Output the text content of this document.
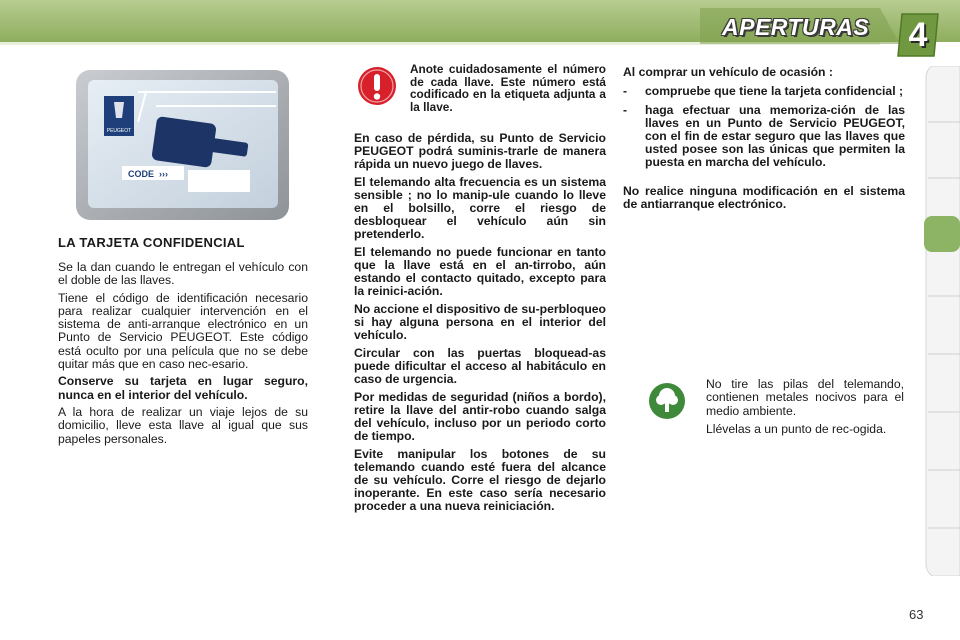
APERTURAS	4
PEUGEOT
CODE ›››
LA TARJETA CONFIDENCIAL

Se la dan cuando le entregan el vehículo con el doble de las llaves.

Tiene el código de identificación necesario para realizar cualquier intervención en el sistema de anti-arranque electrónico en un Punto de Servicio PEUGEOT. Este código está oculto por una película que no se debe quitar más que en caso nec-esario.

Conserve su tarjeta en lugar seguro, nunca en el interior del vehículo.

A la hora de realizar un viaje lejos de su domicilio, lleve esta llave al igual que sus papeles personales.

Anote cuidadosamente el número de cada llave. Este número está codificado en la etiqueta adjunta a la llave.

En caso de pérdida, su Punto de Servicio PEUGEOT podrá suminis-trarle de manera rápida un nuevo juego de llaves.

El telemando alta frecuencia es un sistema sensible ; no lo manip-ule cuando lo lleve en el bolsillo, corre el riesgo de desbloquear el vehículo aún sin pretenderlo.

El telemando no puede funcionar en tanto que la llave está en el an-tirrobo, aún estando el contacto quitado, excepto para la reinici-ación.

No accione el dispositivo de su-perbloqueo si hay alguna persona en el interior del vehículo.

Circular con las puertas bloquead-as puede dificultar el acceso al habitáculo en caso de urgencia.

Por medidas de seguridad (niños a bordo), retire la llave del antir-robo cuando salga del vehículo, incluso por un periodo corto de tiempo.

Evite manipular los botones de su telemando cuando esté fuera del alcance de su vehículo. Corre el riesgo de dejarlo inoperante. En este caso sería necesario proceder a una nueva reiniciación.

Al comprar un vehículo de ocasión :
- compruebe que tiene la tarjeta confidencial ;
- haga efectuar una memoriza-ción de las llaves en un Punto de Servicio PEUGEOT, con el fin de estar seguro que las llaves que usted posee son las únicas que permiten la puesta en marcha del vehículo.
No realice ninguna modificación en el sistema de antiarranque electrónico.

No tire las pilas del telemando, contienen metales nocivos para el medio ambiente.

Llévelas a un punto de rec-ogida.

63
